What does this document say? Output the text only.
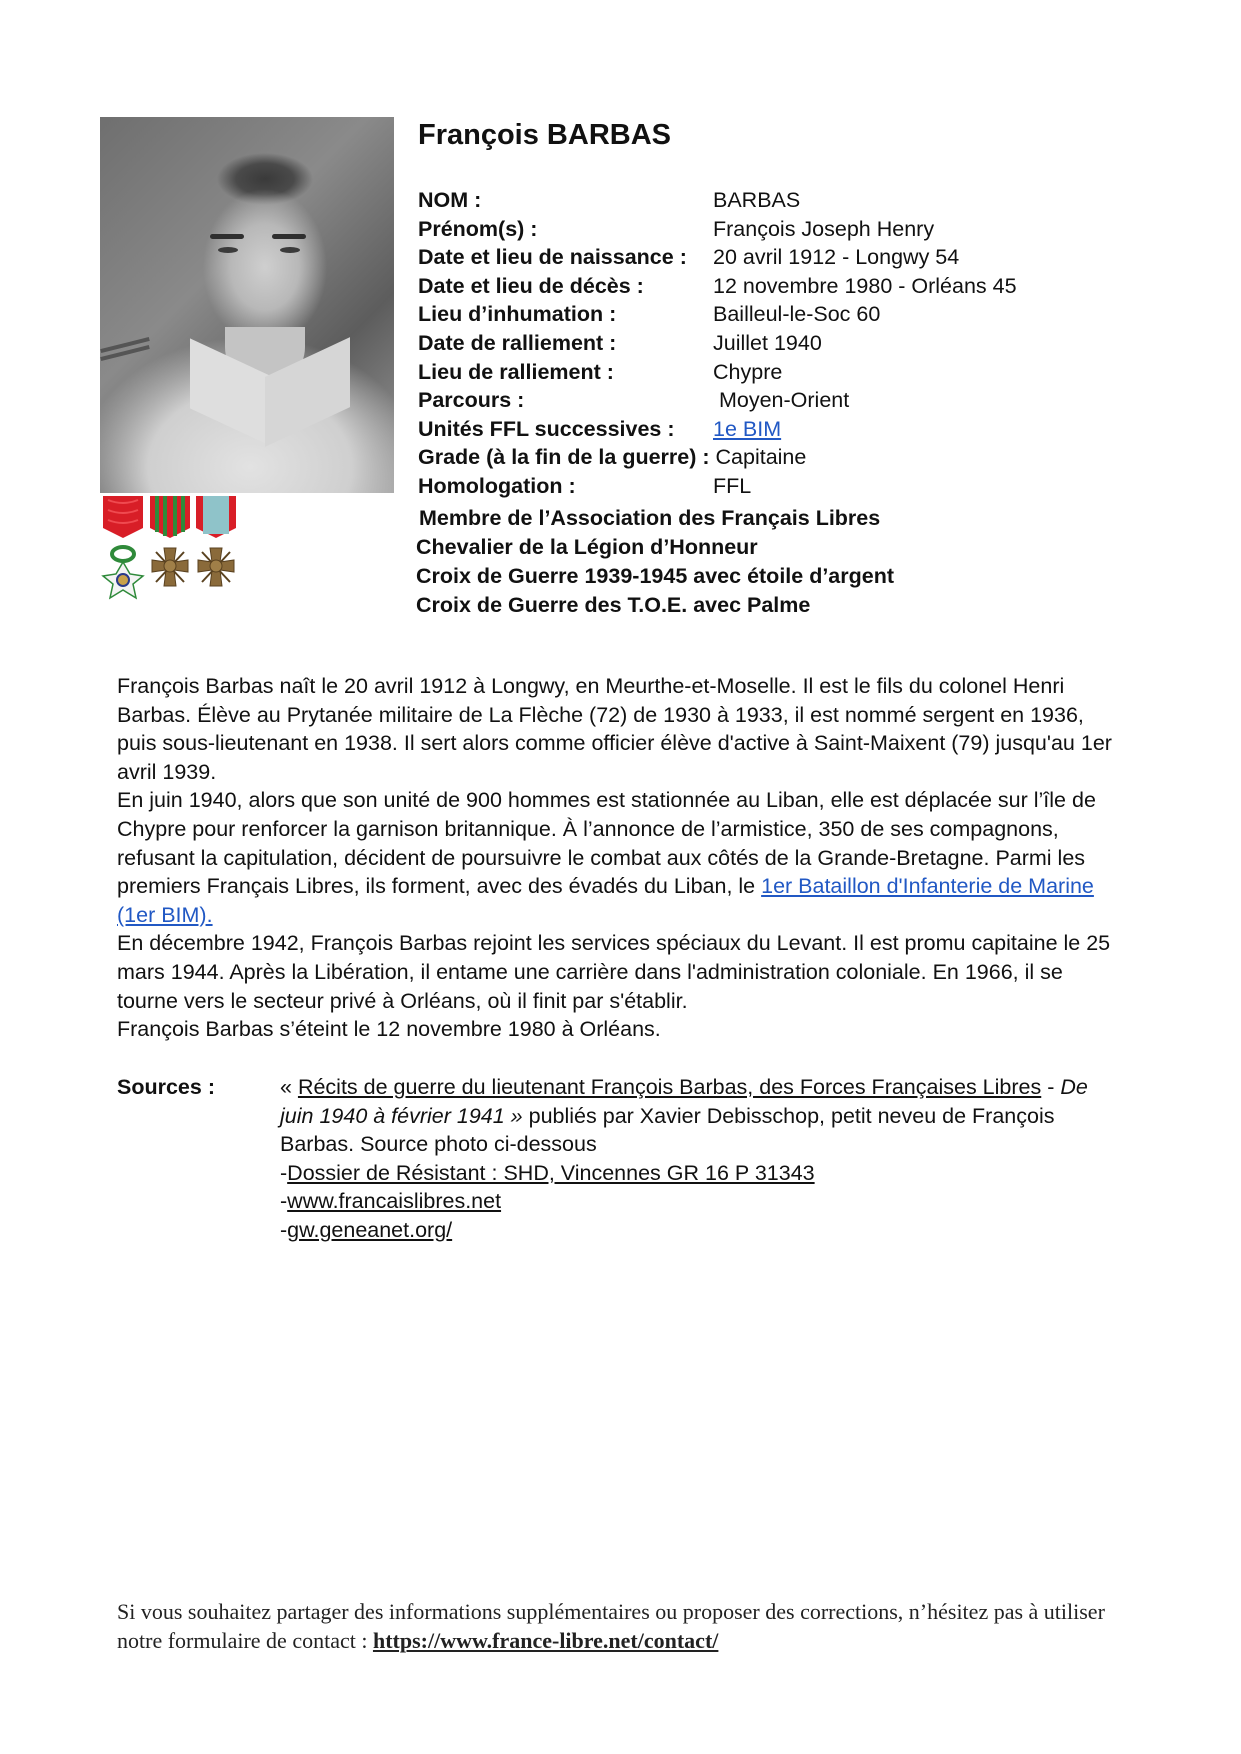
François BARBAS
NOM :	BARBAS
Prénom(s) :	François Joseph Henry
Date et lieu de naissance : 20 avril 1912 - Longwy 54
Date et lieu de décès :	12 novembre 1980 - Orléans 45
Lieu d’inhumation :	Bailleul-le-Soc 60
Date de ralliement :	Juillet 1940
Lieu de ralliement :	Chypre
Parcours :	Moyen-Orient
Unités FFL successives : 1e BIM
Grade (à la fin de la guerre) : Capitaine
Homologation :	FFL
Membre de l’Association des Français Libres
Chevalier de la Légion d’Honneur
Croix de Guerre 1939-1945 avec étoile d’argent
Croix de Guerre des T.O.E. avec Palme

François Barbas naît le 20 avril 1912 à Longwy, en Meurthe-et-Moselle. Il est le fils du colonel Henri Barbas. Élève au Prytanée militaire de La Flèche (72) de 1930 à 1933, il est nommé sergent en 1936, puis sous-lieutenant en 1938. Il sert alors comme officier élève d'active à Saint-Maixent (79) jusqu'au 1er avril 1939.

En juin 1940, alors que son unité de 900 hommes est stationnée au Liban, elle est déplacée sur l’île de Chypre pour renforcer la garnison britannique. À l’annonce de l’armistice, 350 de ses compagnons, refusant la capitulation, décident de poursuivre le combat aux côtés de la Grande-Bretagne. Parmi les premiers Français Libres, ils forment, avec des évadés du Liban, le 1er Bataillon d'Infanterie de Marine (1er BIM).

En décembre 1942, François Barbas rejoint les services spéciaux du Levant. Il est promu capitaine le 25 mars 1944. Après la Libération, il entame une carrière dans l'administration coloniale. En 1966, il se tourne vers le secteur privé à Orléans, où il finit par s'établir.

François Barbas s’éteint le 12 novembre 1980 à Orléans.

Sources :	« Récits de guerre du lieutenant François Barbas, des Forces Françaises Libres - De juin 1940 à février 1941 » publiés par Xavier Debisschop, petit neveu de François Barbas. Source photo ci-dessous

-Dossier de Résistant : SHD, Vincennes GR 16 P 31343

-www.francaislibres.net

-gw.geneanet.org/

Si vous souhaitez partager des informations supplémentaires ou proposer des corrections, n’hésitez pas à utiliser notre formulaire de contact : https://www.france-libre.net/contact/
